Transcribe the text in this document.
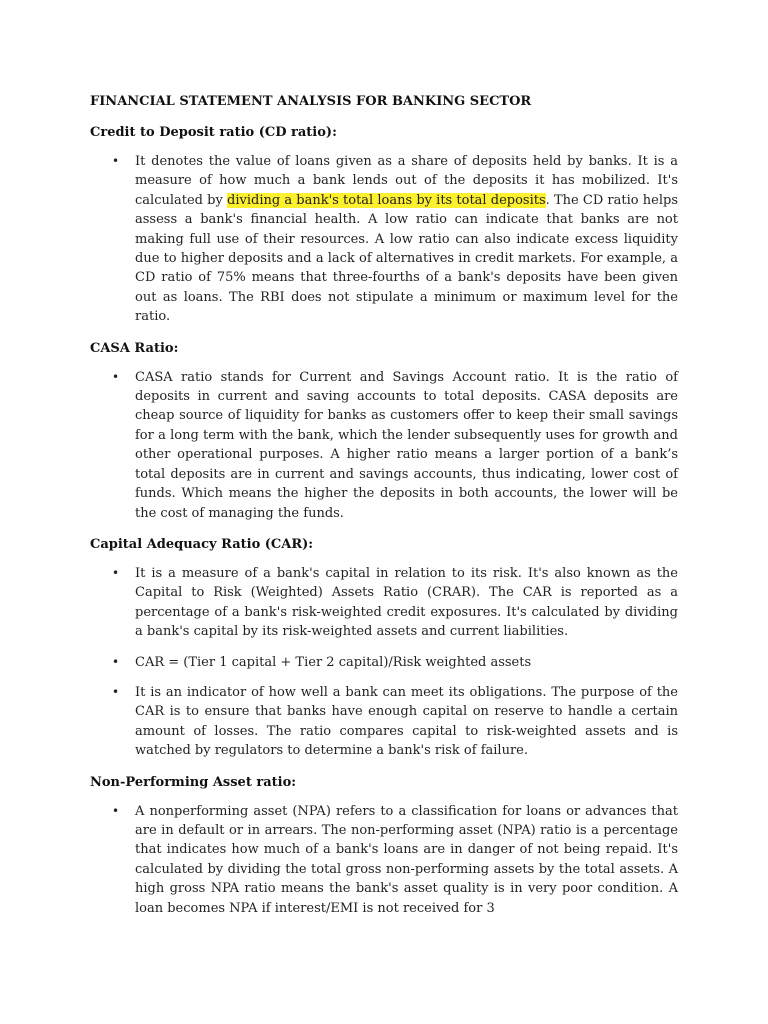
FINANCIAL STATEMENT ANALYSIS FOR BANKING SECTOR
Credit to Deposit ratio (CD ratio):
• It denotes the value of loans given as a share of deposits held by banks. It is a measure of how much a bank lends out of the deposits it has mobilized. It's calculated by dividing a bank's total loans by its total deposits. The CD ratio helps assess a bank's financial health. A low ratio can indicate that banks are not making full use of their resources. A low ratio can also indicate excess liquidity due to higher deposits and a lack of alternatives in credit markets. For example, a CD ratio of 75% means that three-fourths of a bank's deposits have been given out as loans. The RBI does not stipulate a minimum or maximum level for the ratio.
CASA Ratio:
• CASA ratio stands for Current and Savings Account ratio. It is the ratio of deposits in current and saving accounts to total deposits. CASA deposits are cheap source of liquidity for banks as customers offer to keep their small savings for a long term with the bank, which the lender subsequently uses for growth and other operational purposes. A higher ratio means a larger portion of a bank’s total deposits are in current and savings accounts, thus indicating, lower cost of funds. Which means the higher the deposits in both accounts, the lower will be the cost of managing the funds.
Capital Adequacy Ratio (CAR):
• It is a measure of a bank's capital in relation to its risk. It's also known as the Capital to Risk (Weighted) Assets Ratio (CRAR). The CAR is reported as a percentage of a bank's risk-weighted credit exposures. It's calculated by dividing a bank's capital by its risk-weighted assets and current liabilities.
• CAR = (Tier 1 capital + Tier 2 capital)/Risk weighted assets
• It is an indicator of how well a bank can meet its obligations. The purpose of the CAR is to ensure that banks have enough capital on reserve to handle a certain amount of losses. The ratio compares capital to risk-weighted assets and is watched by regulators to determine a bank's risk of failure.
Non-Performing Asset ratio:
• A nonperforming asset (NPA) refers to a classification for loans or advances that are in default or in arrears. The non-performing asset (NPA) ratio is a percentage that indicates how much of a bank's loans are in danger of not being repaid. It's calculated by dividing the total gross non-performing assets by the total assets. A high gross NPA ratio means the bank's asset quality is in very poor condition. A loan becomes NPA if interest/EMI is not received for 3
